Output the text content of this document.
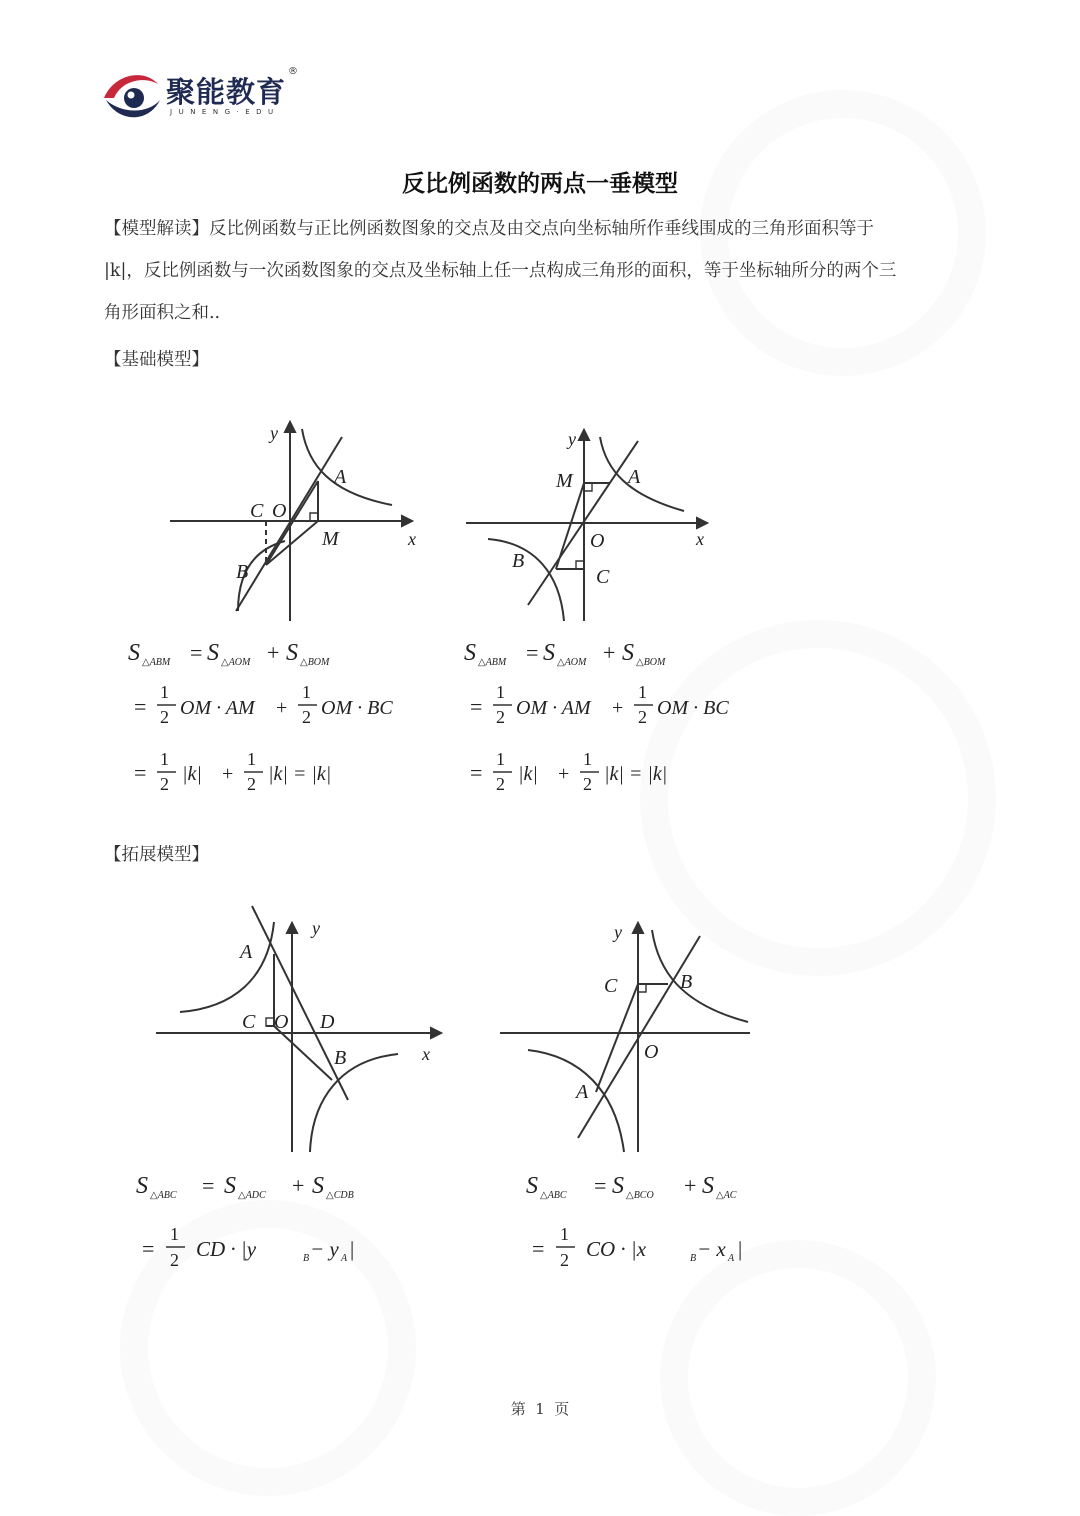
聚能教育
®
JUNENG·EDU
反比例函数的两点一垂模型
【模型解读】反比例函数与正比例函数图象的交点及由交点向坐标轴所作垂线围成的三角形面积等于
|k|，反比例函数与一次函数图象的交点及坐标轴上任一点构成三角形的面积，等于坐标轴所分的两个三
角形面积之和..
【基础模型】
y
x
C O
A
M
B
S △ABM = S △AOM + S △BOM
=
1
2 OM · AM +
1
2 OM · BC
=
1
2 |k| +
1
2 |k| = |k|
y
x
M	A
O
B
C
S △ABM = S △AOM + S △BOM
=
1
2 OM · AM +
1
2 OM · BC
=
1
2 |k| +
1
2 |k| = |k|
【拓展模型】
y
x
A
C O D
B
S △ABC = S △ADC + S △CDB
=
1
2 CD · |y	B − y A |
y
C	B
O
A
S △ABC = S △BCO + S △AC
=
1
2 CO · |x	B − x A |
第  1  页
